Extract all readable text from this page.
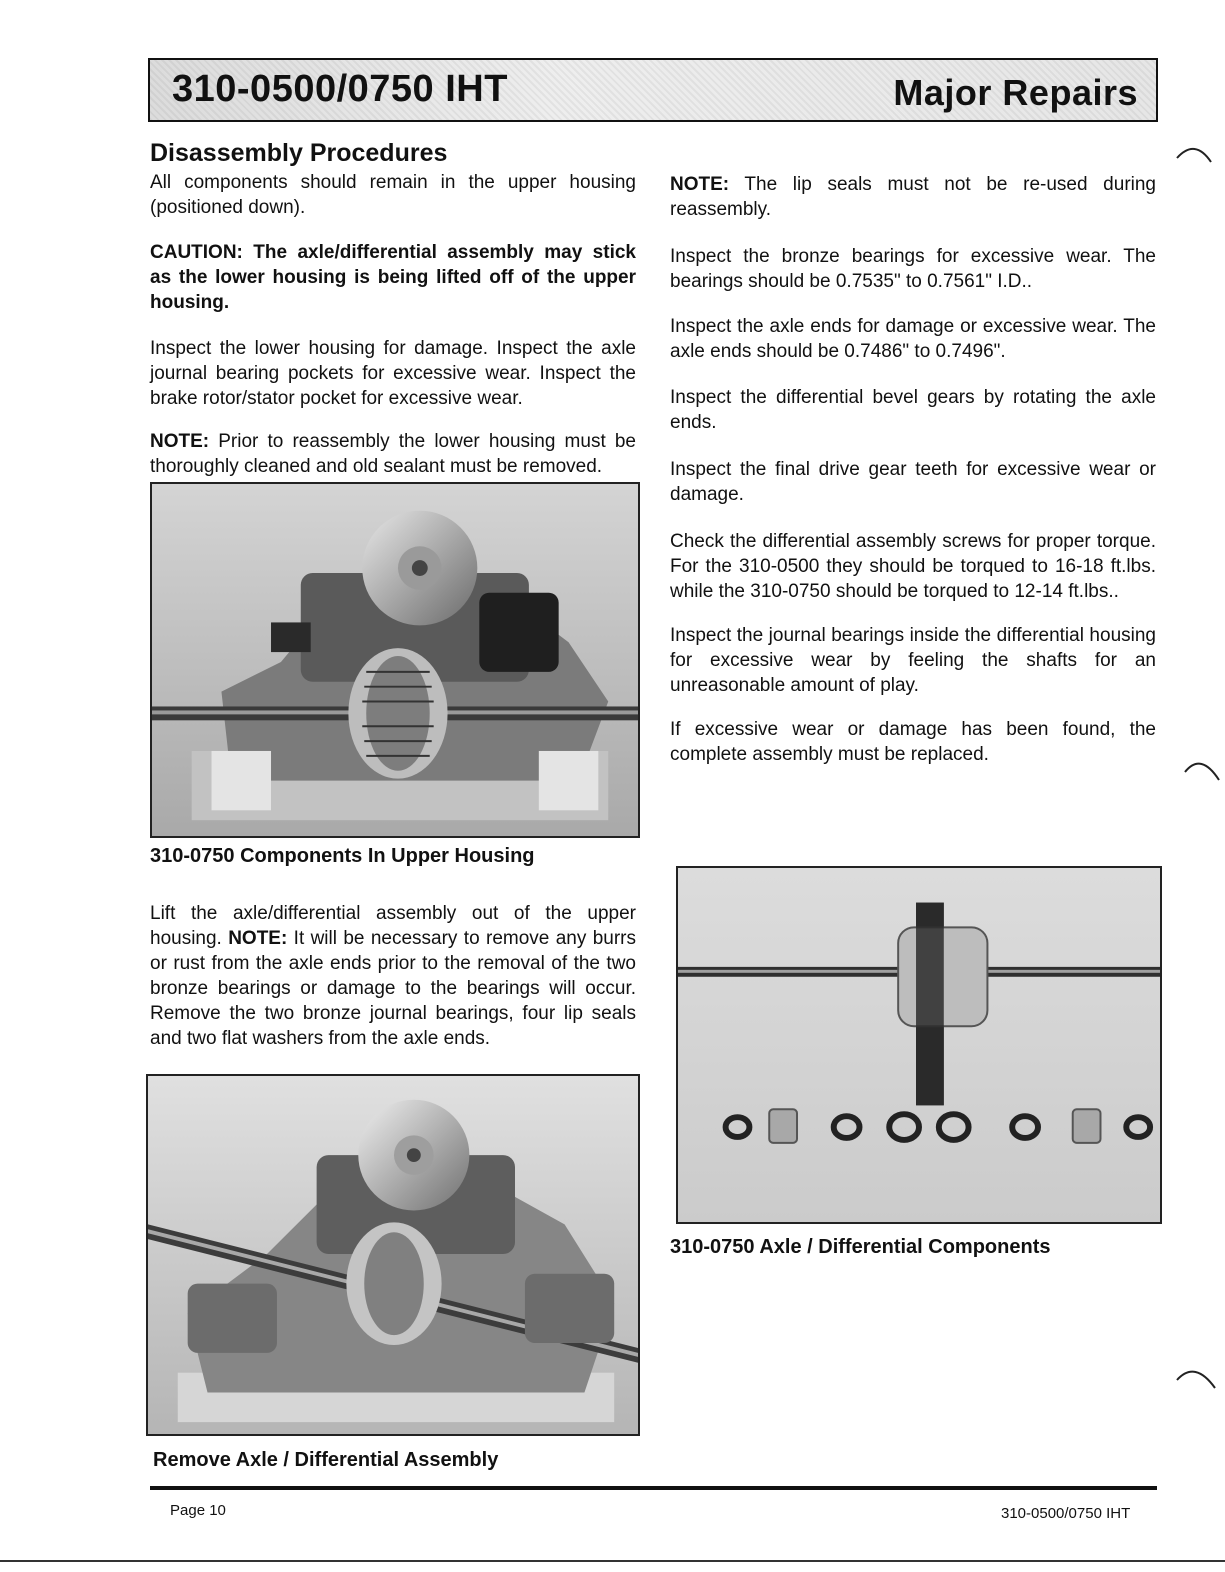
310-0500/0750 IHT	Major Repairs
Disassembly Procedures
All components should remain in the upper housing (positioned down).
CAUTION: The axle/differential assembly may stick as the lower housing is being lifted off of the upper housing.
Inspect the lower housing for damage. Inspect the axle journal bearing pockets for excessive wear. Inspect the brake rotor/stator pocket for excessive wear.
NOTE: Prior to reassembly the lower housing must be thoroughly cleaned and old sealant must be removed.
310-0750 Components In Upper Housing
Lift the axle/differential assembly out of the upper housing. NOTE: It will be necessary to remove any burrs or rust from the axle ends prior to the removal of the two bronze bearings or damage to the bearings will occur. Remove the two bronze journal bearings, four lip seals and two flat washers from the axle ends.
Remove Axle / Differential Assembly
NOTE: The lip seals must not be re-used during reassembly.
Inspect the bronze bearings for excessive wear. The bearings should be 0.7535" to 0.7561" I.D..
Inspect the axle ends for damage or excessive wear. The axle ends should be 0.7486" to 0.7496".
Inspect the differential bevel gears by rotating the axle ends.
Inspect the final drive gear teeth for excessive wear or damage.
Check the differential assembly screws for proper torque. For the 310-0500 they should be torqued to 16-18 ft.lbs. while the 310-0750 should be torqued to 12-14 ft.lbs..
Inspect the journal bearings inside the differential housing for excessive wear by feeling the shafts for an unreasonable amount of play.
If excessive wear or damage has been found, the complete assembly must be replaced.
310-0750 Axle / Differential Components
Page 10	310-0500/0750 IHT
